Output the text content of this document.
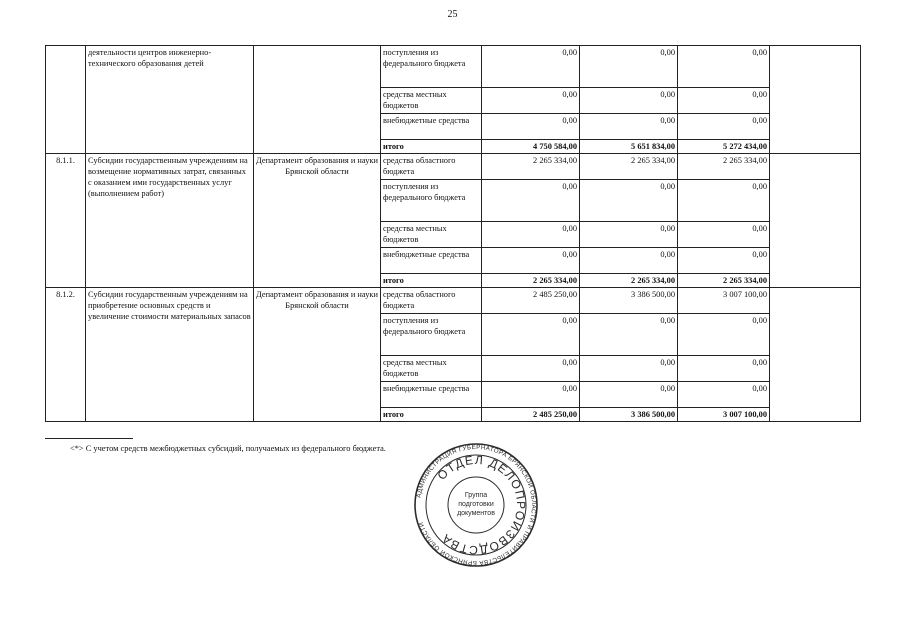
25
	деятельности центров инженерно-технического образования детей		поступления из федерального бюджета	0,00	0,00	0,00	
			средства местных бюджетов	0,00	0,00	0,00	
			внебюджетные средства	0,00	0,00	0,00	
			итого	4 750 584,00	5 651 834,00	5 272 434,00	
8.1.1.	Субсидии государственным учреждениям на возмещение нормативных затрат, связанных с оказанием ими государственных услуг (выполнением работ)	Департамент образования и науки Брянской области	средства областного бюджета	2 265 334,00	2 265 334,00	2 265 334,00	
			поступления из федерального бюджета	0,00	0,00	0,00	
			средства местных бюджетов	0,00	0,00	0,00	
			внебюджетные средства	0,00	0,00	0,00	
			итого	2 265 334,00	2 265 334,00	2 265 334,00	
8.1.2.	Субсидии государственным учреждениям на приобретение основных средств и увеличение стоимости материальных запасов	Департамент образования и науки Брянской области	средства областного бюджета	2 485 250,00	3 386 500,00	3 007 100,00	
			поступления из федерального бюджета	0,00	0,00	0,00	
			средства местных бюджетов	0,00	0,00	0,00	
			внебюджетные средства	0,00	0,00	0,00	
			итого	2 485 250,00	3 386 500,00	3 007 100,00	
<*> С учетом средств межбюджетных субсидий, получаемых из федерального бюджета.
АДМИНИСТРАЦИЯ ГУБЕРНАТОРА БРЯНСКОЙ ОБЛАСТИ И ПРАВИТЕЛЬСТВА БРЯНСКОЙ ОБЛАСТИ
ОТДЕЛ ДЕЛОПРОИЗВОДСТВА
Группа
подготовки
документов
